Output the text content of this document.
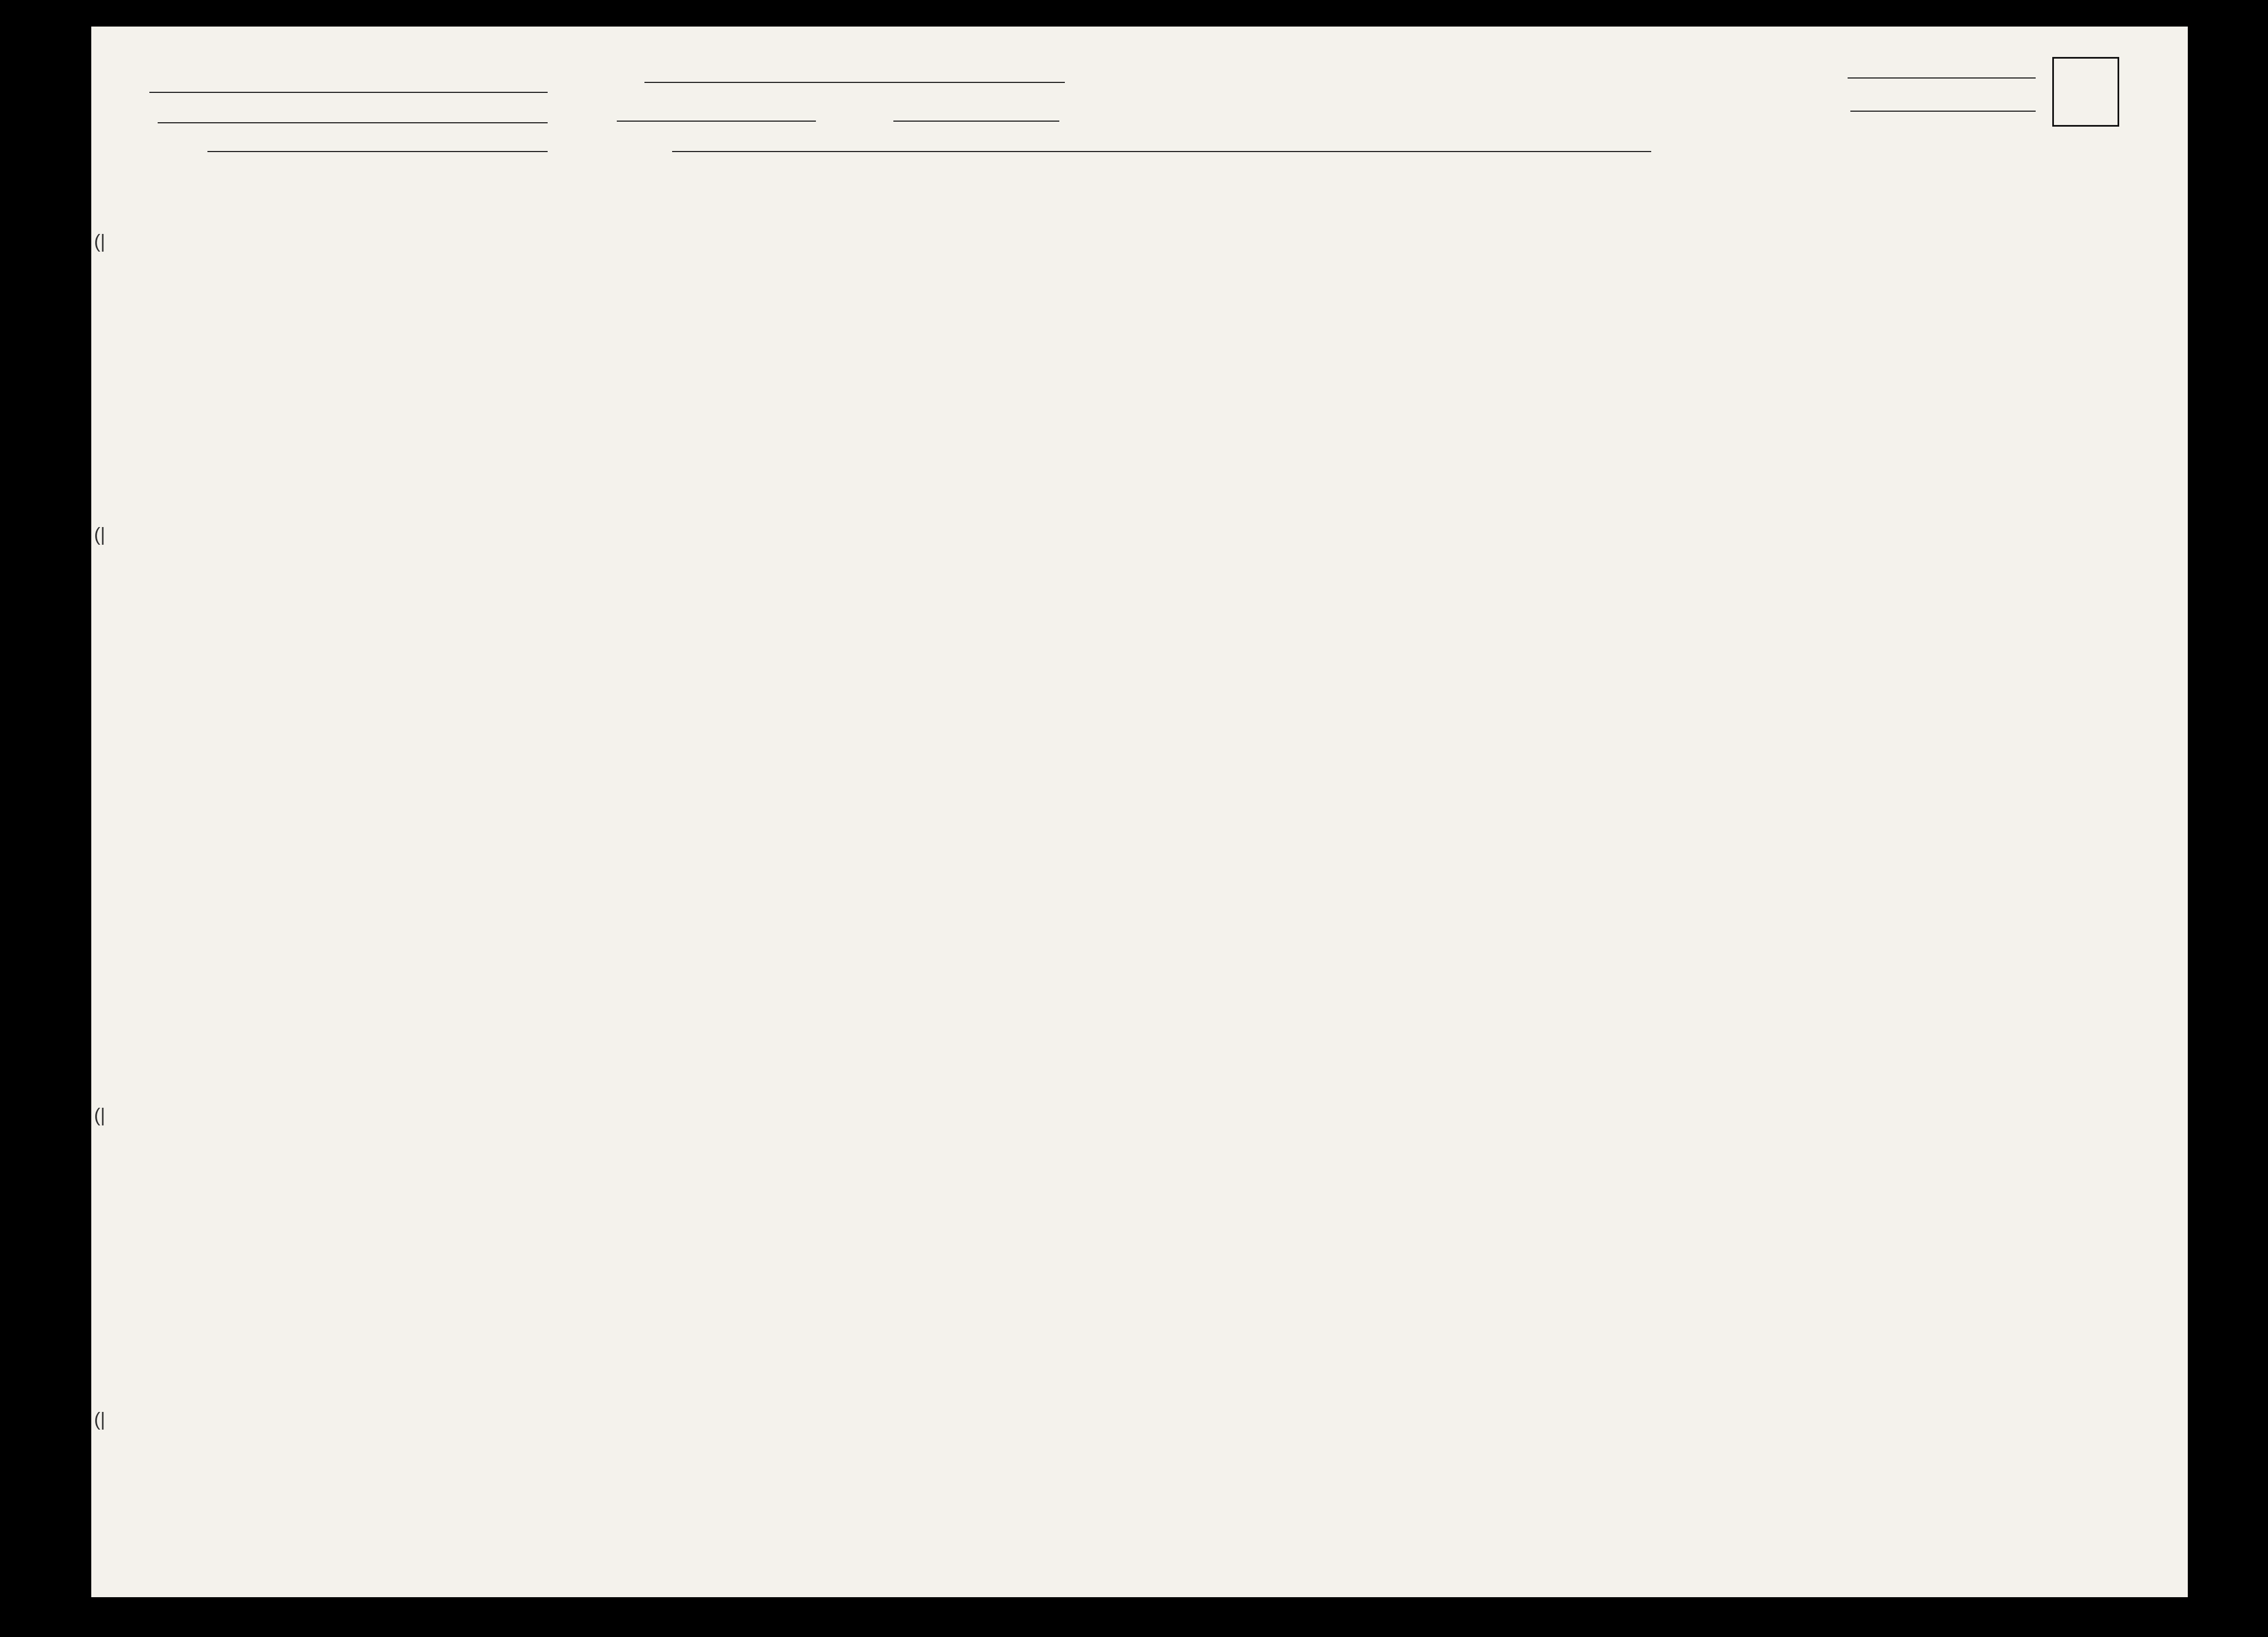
(|
(|
(|
(|
